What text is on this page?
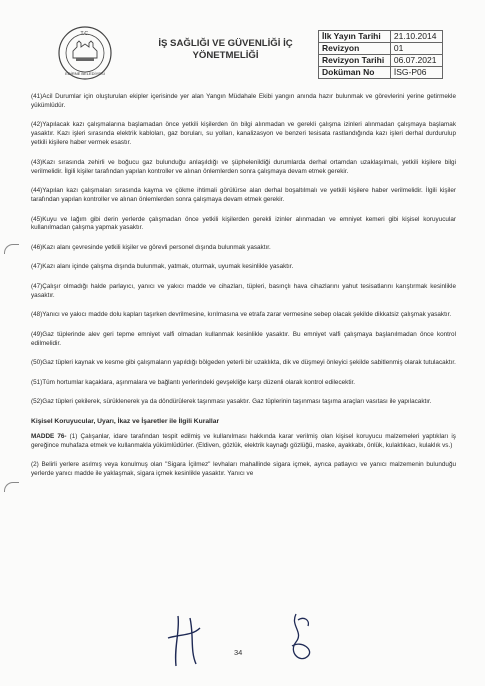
T.C.
EDİRNE BELEDİYESİ
İŞ SAĞLIĞI VE GÜVENLİĞİ İÇ
YÖNETMELİĞİ
İlk Yayın Tarihi	21.10.2014
Revizyon	01
Revizyon Tarihi	06.07.2021
Doküman No	İSG-P06

(41)Acil Durumlar için oluşturulan ekipler içerisinde yer alan Yangın Müdahale Ekibi yangın anında hazır bulunmak ve görevlerini yerine getirmekle yükümlüdür.

(42)Yapılacak kazı çalışmalarına başlamadan önce yetkili kişilerden ön bilgi alınmadan ve gerekli çalışma izinleri alınmadan çalışmaya başlamak yasaktır. Kazı işleri sırasında elektrik kabloları, gaz boruları, su yolları, kanalizasyon ve benzeri tesisata rastlandığında kazı işleri derhal durdurulup yetkili kişilere haber vermek esastır.

(43)Kazı sırasında zehirli ve boğucu gaz bulunduğu anlaşıldığı ve şüphelenildiği durumlarda derhal ortamdan uzaklaşılmalı, yetkili kişilere bilgi verilmelidir. İlgili kişiler tarafından yapılan kontroller ve alınan önlemlerden sonra çalışmaya devam etmek gerekir.

(44)Yapılan kazı çalışmaları sırasında kayma ve çökme ihtimali görülürse alan derhal boşaltılmalı ve yetkili kişilere haber verilmelidir. İlgili kişiler tarafından yapılan kontroller ve alınan önlemlerden sonra çalışmaya devam etmek gerekir.

(45)Kuyu ve lağım gibi derin yerlerde çalışmadan önce yetkili kişilerden gerekli izinler alınmadan ve emniyet kemeri gibi kişisel koruyucular kullanılmadan çalışma yapmak yasaktır.

(46)Kazı alanı çevresinde yetkili kişiler ve görevli personel dışında bulunmak yasaktır.

(47)Kazı alanı içinde çalışma dışında bulunmak, yatmak, oturmak, uyumak kesinlikle yasaktır.

(47)Çalışır olmadığı halde parlayıcı, yanıcı ve yakıcı madde ve cihazları, tüpleri, basınçlı hava cihazlarını yahut tesisatlarını karıştırmak kesinlikle yasaktır.

(48)Yanıcı ve yakıcı madde dolu kapları taşırken devrilmesine, kırılmasına ve etrafa zarar vermesine sebep olacak şekilde dikkatsiz çalışmak yasaktır.

(49)Gaz tüplerinde alev geri tepme emniyet valfi olmadan kullanmak kesinlikle yasaktır. Bu emniyet valfi çalışmaya başlanılmadan önce kontrol edilmelidir.

(50)Gaz tüpleri kaynak ve kesme gibi çalışmaların yapıldığı bölgeden yeterli bir uzaklıkta, dik ve düşmeyi önleyici şekilde sabitlenmiş olarak tutulacaktır.

(51)Tüm hortumlar kaçaklara, aşınmalara ve bağlantı yerlerindeki gevşekliğe karşı düzenli olarak kontrol edilecektir.

(52)Gaz tüpleri çekilerek, sürüklenerek ya da döndürülerek taşınması yasaktır. Gaz tüplerinin taşınması taşıma araçları vasıtası ile yapılacaktır.

Kişisel Koruyucular, Uyarı, İkaz ve İşaretler ile İlgili Kurallar

MADDE 76- (1) Çalışanlar, idare tarafından tespit edilmiş ve kullanılması hakkında karar verilmiş olan kişisel koruyucu malzemeleri yaptıkları iş gereğince muhafaza etmek ve kullanmakla yükümlüdürler. (Eldiven, gözlük, elektrik kaynağı gözlüğü, maske, ayakkabı, önlük, kulaktıkacı, kulaklık vs.)

(2) Belirli yerlere asılmış veya konulmuş olan "Sigara İçilmez" levhaları mahallinde sigara içmek, ayrıca patlayıcı ve yanıcı malzemenin bulunduğu yerlerde yanıcı madde ile yaklaşmak, sigara içmek kesinlikle yasaktır. Yanıcı ve

34
